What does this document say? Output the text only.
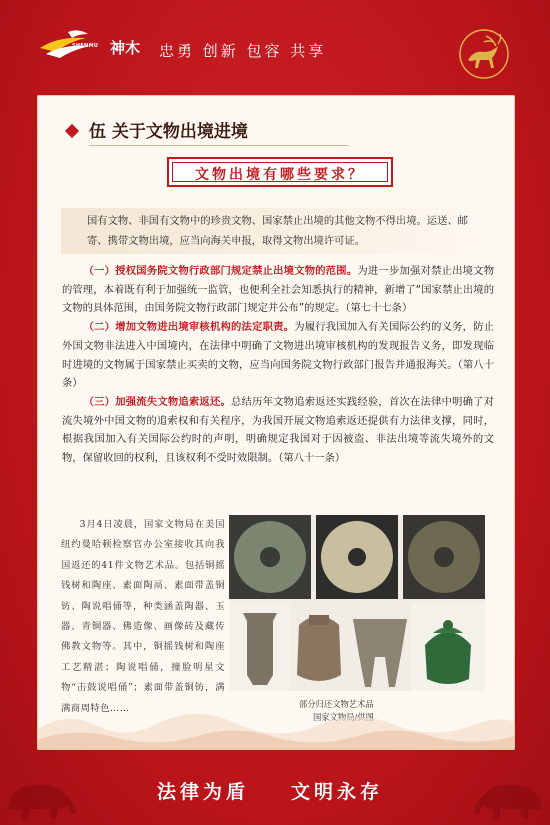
SHENMU 神木 忠勇 创新 包容 共享
伍 关于文物出境进境
文物出境有哪些要求？
国有文物、非国有文物中的珍贵文物、国家禁止出境的其他文物不得出境。运送、邮寄、携带文物出境，应当向海关申报，取得文物出境许可证。

（一）授权国务院文物行政部门规定禁止出境文物的范围。为进一步加强对禁止出境文物的管理，本着既有利于加强统一监管，也便利全社会知悉执行的精神，新增了“国家禁止出境的文物的具体范围，由国务院文物行政部门规定并公布”的规定。（第七十七条）

（二）增加文物进出境审核机构的法定职责。为履行我国加入有关国际公约的义务，防止外国文物非法进入中国境内，在法律中明确了文物进出境审核机构的发现报告义务，即发现临时进境的文物属于国家禁止买卖的文物，应当向国务院文物行政部门报告并通报海关。（第八十条）

（三）加强流失文物追索返还。总结历年文物追索返还实践经验，首次在法律中明确了对流失境外中国文物的追索权和有关程序，为我国开展文物追索返还提供有力法律支撑，同时，根据我国加入有关国际公约时的声明，明确规定我国对于因被盗、非法出境等流失境外的文物，保留收回的权利，且该权利不受时效限制。（第八十一条）

3月4日凌晨，国家文物局在美国纽约曼哈顿检察官办公室接收其向我国返还的41件文物艺术品。包括铜摇钱树和陶座、素面陶鬲、素面带盖铜钫、陶说唱俑等，种类涵盖陶器、玉器、青铜器、佛造像、画像砖及藏传佛教文物等。其中，铜摇钱树和陶座工艺精湛；陶说唱俑，撞脸明星文物“击鼓说唱俑”；素面带盖铜钫，满满商周特色……	部分归还文物艺术品
国家文物局/供图
法律为盾 文明永存
